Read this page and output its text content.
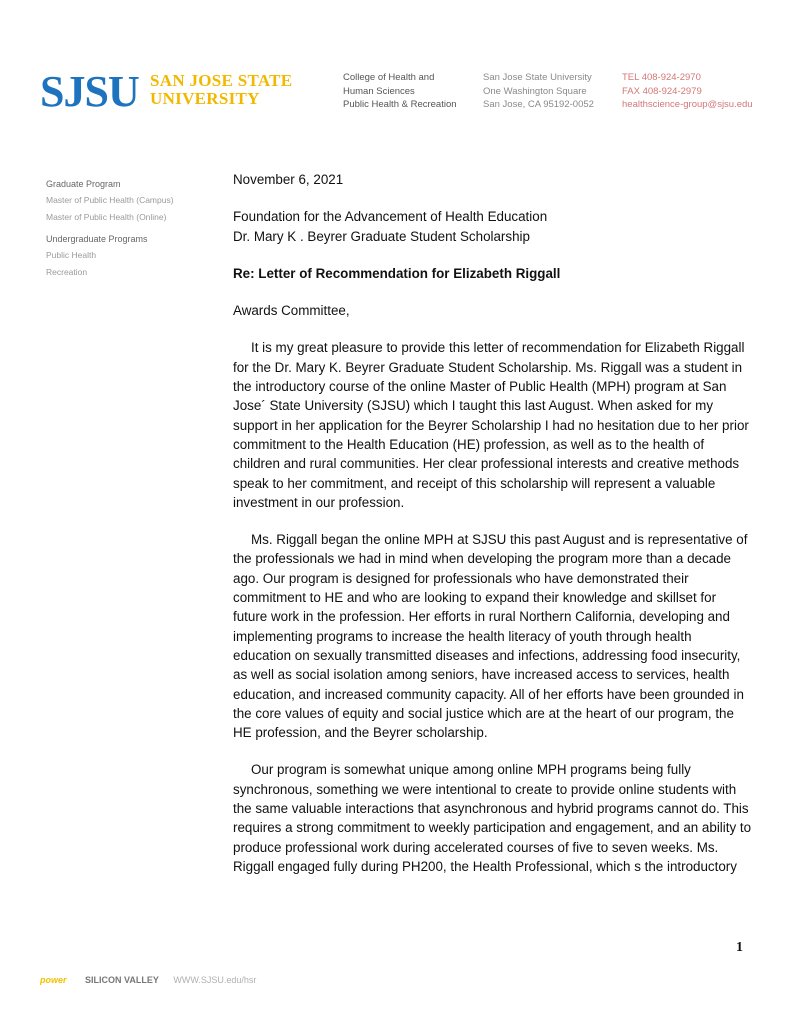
SJSU SAN JOSE STATE
UNIVERSITY
College of Health and
Human Sciences
Public Health & Recreation
San Jose State University
One Washington Square
San Jose, CA 95192-0052
TEL 408-924-2970
FAX 408-924-2979
healthscience-group@sjsu.edu
Graduate Program
Master of Public Health (Campus)
Master of Public Health (Online)
Undergraduate Programs
Public Health
Recreation
November 6, 2021
Foundation for the Advancement of Health Education
Dr. Mary K . Beyrer Graduate Student Scholarship
Re: Letter of Recommendation for Elizabeth Riggall
Awards Committee,

It is my great pleasure to provide this letter of recommendation for Elizabeth Riggall for the Dr. Mary K. Beyrer Graduate Student Scholarship. Ms. Riggall was a student in the introductory course of the online Master of Public Health (MPH) program at San Jose´ State University (SJSU) which I taught this last August. When asked for my support in her application for the Beyrer Scholarship I had no hesitation due to her prior commitment to the Health Education (HE) profession, as well as to the health of children and rural communities. Her clear professional interests and creative methods speak to her commitment, and receipt of this scholarship will represent a valuable investment in our profession.

Ms. Riggall began the online MPH at SJSU this past August and is representative of the professionals we had in mind when developing the program more than a decade ago. Our program is designed for professionals who have demonstrated their commitment to HE and who are looking to expand their knowledge and skillset for future work in the profession. Her efforts in rural Northern California, developing and implementing programs to increase the health literacy of youth through health education on sexually transmitted diseases and infections, addressing food insecurity, as well as social isolation among seniors, have increased access to services, health education, and increased community capacity. All of her efforts have been grounded in the core values of equity and social justice which are at the heart of our program, the HE profession, and the Beyrer scholarship.

Our program is somewhat unique among online MPH programs being fully synchronous, something we were intentional to create to provide online students with the same valuable interactions that asynchronous and hybrid programs cannot do. This requires a strong commitment to weekly participation and engagement, and an ability to produce professional work during accelerated courses of five to seven weeks. Ms. Riggall engaged fully during PH200, the Health Professional, which s the introductory

1
power SILICON VALLEY WWW.SJSU.edu/hsr
